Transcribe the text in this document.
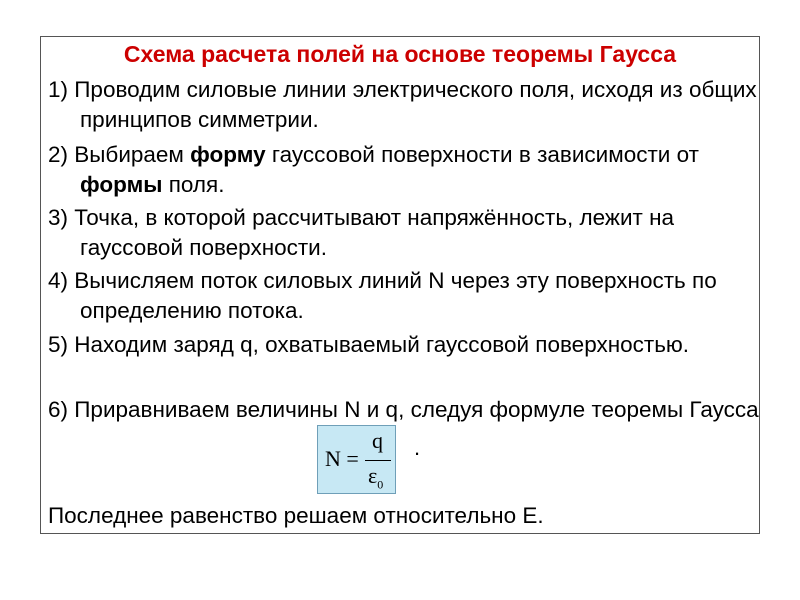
Схема расчета полей на основе теоремы Гаусса
1) Проводим силовые линии электрического поля, исходя из общих принципов симметрии.
2) Выбираем форму гауссовой поверхности в зависимости от формы поля.
3) Точка, в которой рассчитывают напряжённость, лежит на гауссовой поверхности.
4) Вычисляем поток силовых линий N через эту поверхность по определению потока.
5) Находим заряд q, охватываемый гауссовой поверхностью.
6) Приравниваем величины N и q, следуя формуле теоремы Гаусса
N =
q
$\varepsilon_0$
.
Последнее равенство решаем относительно E.
